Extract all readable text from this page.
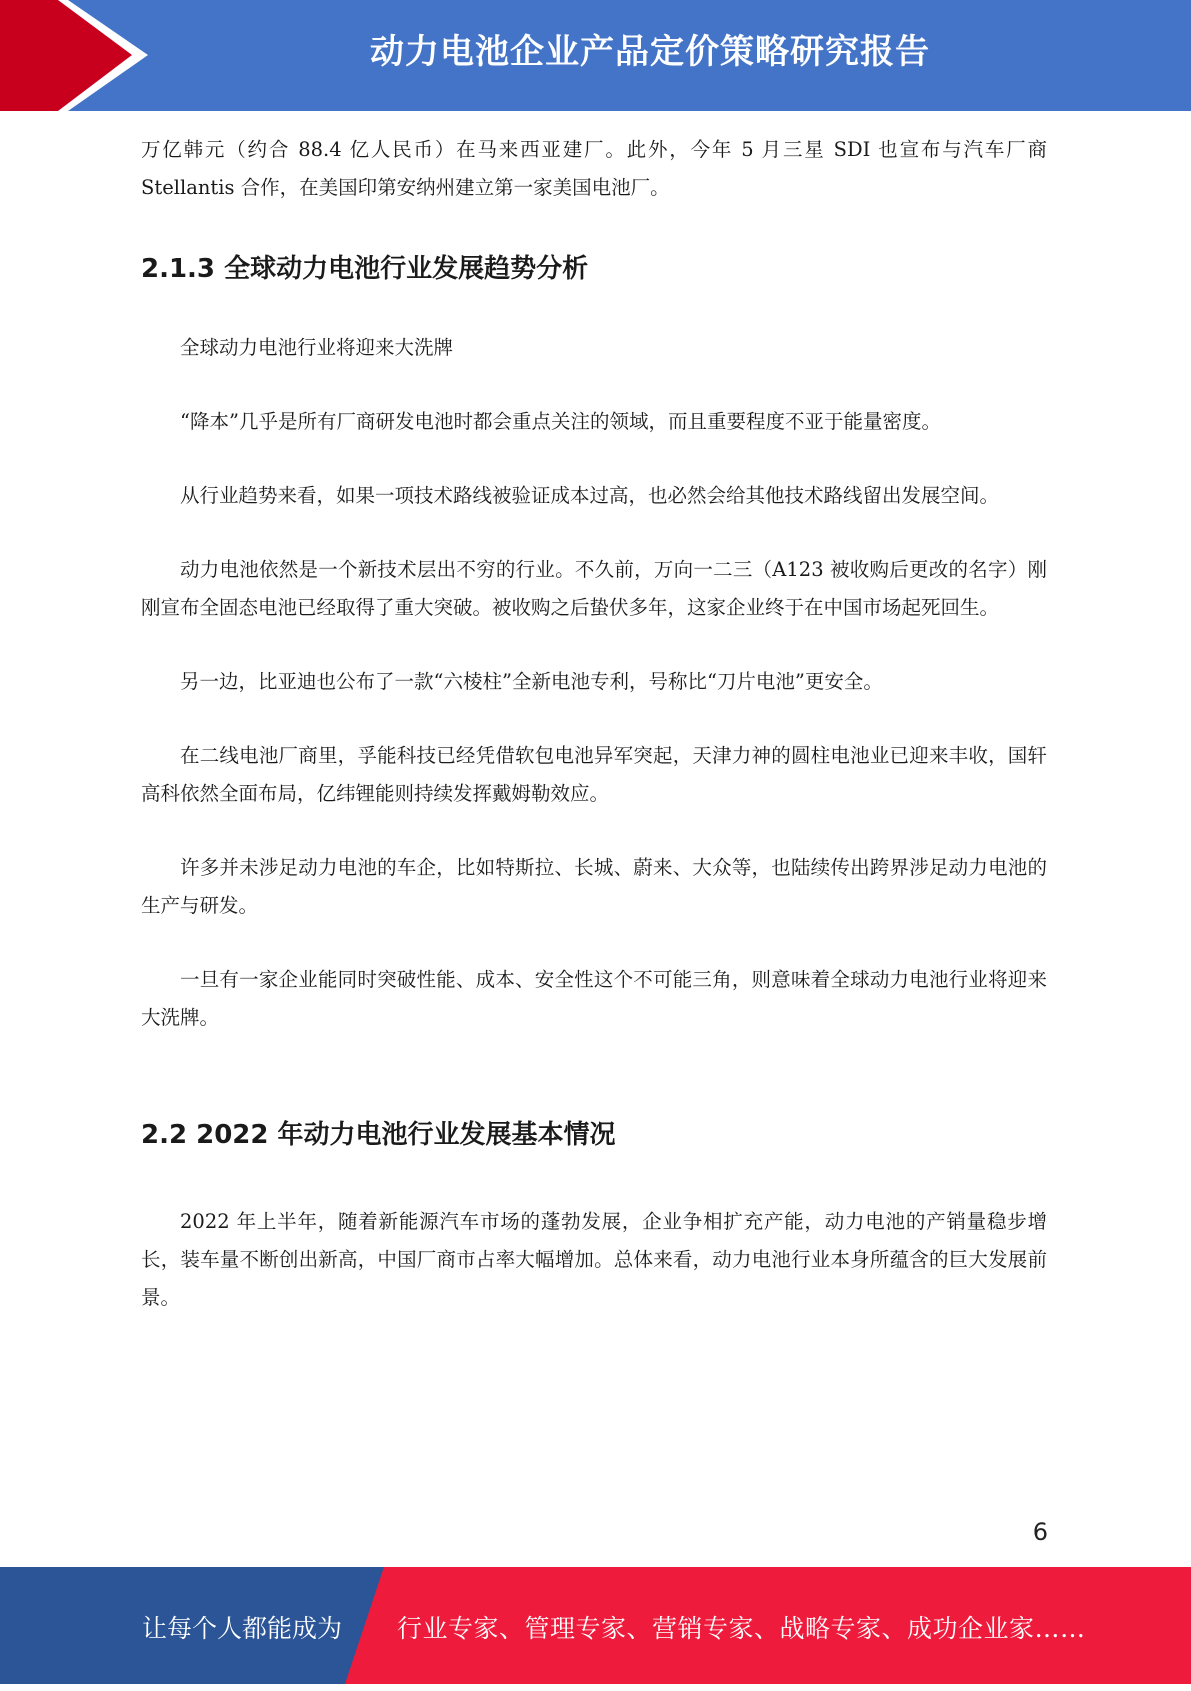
动力电池企业产品定价策略研究报告

万亿韩元（约合 88.4 亿人民币）在马来西亚建厂。此外，今年 5 月三星 SDI 也宣布与汽车厂商 Stellantis 合作，在美国印第安纳州建立第一家美国电池厂。

2.1.3 全球动力电池行业发展趋势分析

全球动力电池行业将迎来大洗牌

“降本”几乎是所有厂商研发电池时都会重点关注的领域，而且重要程度不亚于能量密度。

从行业趋势来看，如果一项技术路线被验证成本过高，也必然会给其他技术路线留出发展空间。

动力电池依然是一个新技术层出不穷的行业。不久前，万向一二三（A123 被收购后更改的名字）刚刚宣布全固态电池已经取得了重大突破。被收购之后蛰伏多年，这家企业终于在中国市场起死回生。

另一边，比亚迪也公布了一款“六棱柱”全新电池专利，号称比“刀片电池”更安全。

在二线电池厂商里，孚能科技已经凭借软包电池异军突起，天津力神的圆柱电池业已迎来丰收，国轩高科依然全面布局，亿纬锂能则持续发挥戴姆勒效应。

许多并未涉足动力电池的车企，比如特斯拉、长城、蔚来、大众等，也陆续传出跨界涉足动力电池的生产与研发。

一旦有一家企业能同时突破性能、成本、安全性这个不可能三角，则意味着全球动力电池行业将迎来大洗牌。

2.2 2022 年动力电池行业发展基本情况

2022 年上半年，随着新能源汽车市场的蓬勃发展，企业争相扩充产能，动力电池的产销量稳步增长，装车量不断创出新高，中国厂商市占率大幅增加。总体来看，动力电池行业本身所蕴含的巨大发展前景。

6
让每个人都能成为 行业专家、管理专家、营销专家、战略专家、成功企业家……
